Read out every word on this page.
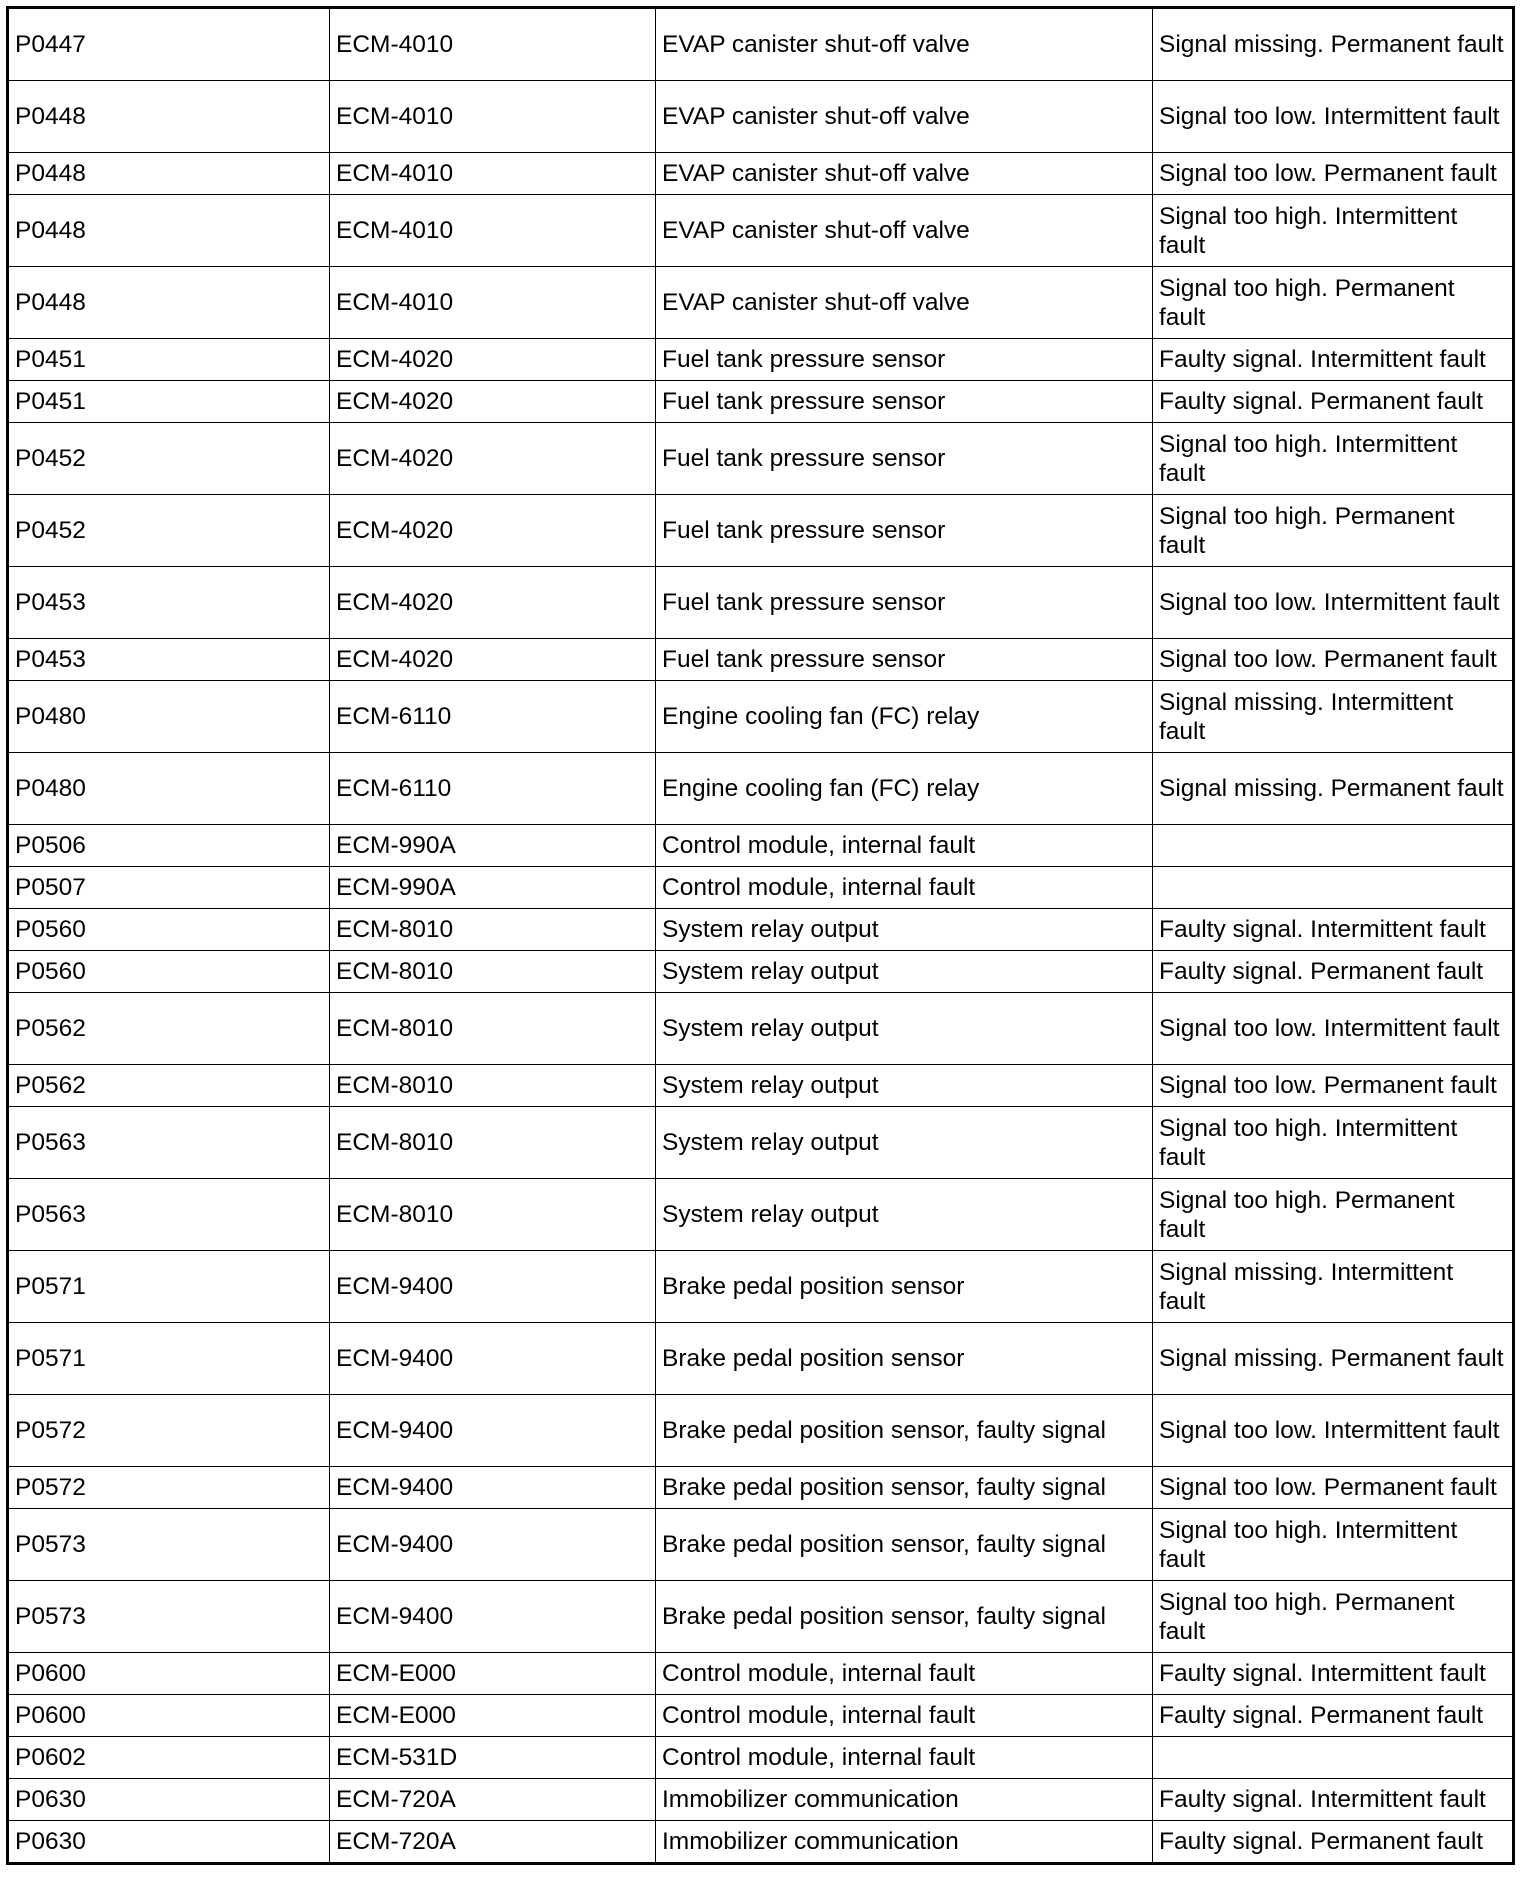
P0447	ECM-4010	EVAP canister shut-off valve	Signal missing. Permanent fault
P0448	ECM-4010	EVAP canister shut-off valve	Signal too low. Intermittent fault
P0448	ECM-4010	EVAP canister shut-off valve	Signal too low. Permanent fault
P0448	ECM-4010	EVAP canister shut-off valve	Signal too high. Intermittent fault
P0448	ECM-4010	EVAP canister shut-off valve	Signal too high. Permanent fault
P0451	ECM-4020	Fuel tank pressure sensor	Faulty signal. Intermittent fault
P0451	ECM-4020	Fuel tank pressure sensor	Faulty signal. Permanent fault
P0452	ECM-4020	Fuel tank pressure sensor	Signal too high. Intermittent fault
P0452	ECM-4020	Fuel tank pressure sensor	Signal too high. Permanent fault
P0453	ECM-4020	Fuel tank pressure sensor	Signal too low. Intermittent fault
P0453	ECM-4020	Fuel tank pressure sensor	Signal too low. Permanent fault
P0480	ECM-6110	Engine cooling fan (FC) relay	Signal missing. Intermittent fault
P0480	ECM-6110	Engine cooling fan (FC) relay	Signal missing. Permanent fault
P0506	ECM-990A	Control module, internal fault	
P0507	ECM-990A	Control module, internal fault	
P0560	ECM-8010	System relay output	Faulty signal. Intermittent fault
P0560	ECM-8010	System relay output	Faulty signal. Permanent fault
P0562	ECM-8010	System relay output	Signal too low. Intermittent fault
P0562	ECM-8010	System relay output	Signal too low. Permanent fault
P0563	ECM-8010	System relay output	Signal too high. Intermittent fault
P0563	ECM-8010	System relay output	Signal too high. Permanent fault
P0571	ECM-9400	Brake pedal position sensor	Signal missing. Intermittent fault
P0571	ECM-9400	Brake pedal position sensor	Signal missing. Permanent fault
P0572	ECM-9400	Brake pedal position sensor, faulty signal	Signal too low. Intermittent fault
P0572	ECM-9400	Brake pedal position sensor, faulty signal	Signal too low. Permanent fault
P0573	ECM-9400	Brake pedal position sensor, faulty signal	Signal too high. Intermittent fault
P0573	ECM-9400	Brake pedal position sensor, faulty signal	Signal too high. Permanent fault
P0600	ECM-E000	Control module, internal fault	Faulty signal. Intermittent fault
P0600	ECM-E000	Control module, internal fault	Faulty signal. Permanent fault
P0602	ECM-531D	Control module, internal fault	
P0630	ECM-720A	Immobilizer communication	Faulty signal. Intermittent fault
P0630	ECM-720A	Immobilizer communication	Faulty signal. Permanent fault
